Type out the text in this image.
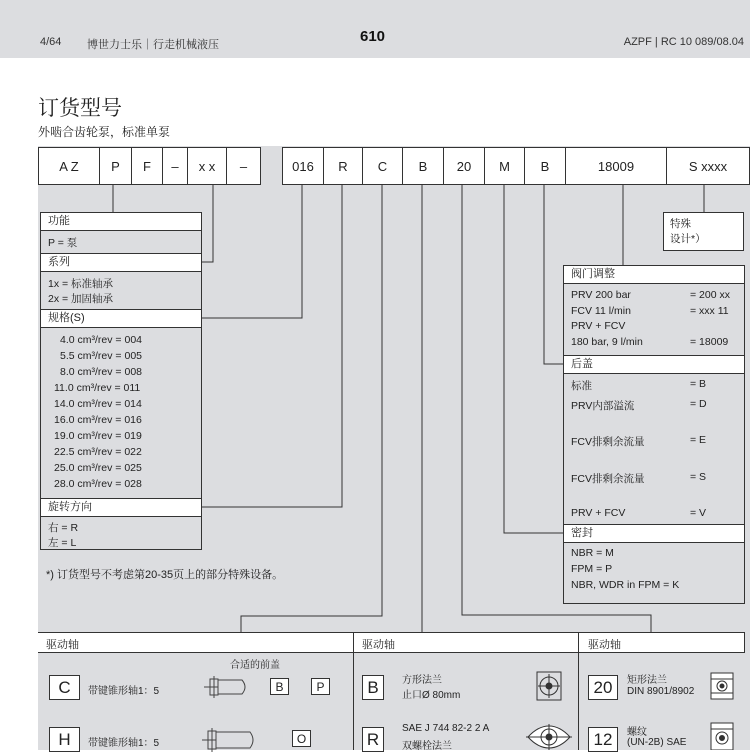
4/64 博世力士乐｜行走机械液压	610	AZPF | RC 10 089/08.04
订货型号
外啮合齿轮泵，标准单泵
A Z	P	F	–	x x	–	016	R	C	B	20	M	B	18009	S xxxx
功能
P = 泵
系列
1x = 标准轴承
2x = 加固轴承
规格(S)
4.0 cm³/rev = 004
5.5 cm³/rev = 005
8.0 cm³/rev = 008
11.0 cm³/rev = 011
14.0 cm³/rev = 014
16.0 cm³/rev = 016
19.0 cm³/rev = 019
22.5 cm³/rev = 022
25.0 cm³/rev = 025
28.0 cm³/rev = 028
旋转方向
右 = R
左 = L
*) 订货型号不考虑第20-35页上的部分特殊设备。
特殊
设计*）
阀门调整
PRV 200 bar	= 200 xx
FCV 11 l/min	= xxx 11
PRV + FCV
180 bar, 9 l/min	= 18009
后盖
标准	= B
PRV内部溢流	= D
FCV排剩余流量	= E
FCV排剩余流量	= S
PRV + FCV	= V
密封
NBR = M
FPM = P
NBR, WDR in FPM = K
驱动轴	驱动轴	驱动轴
合适的前盖
C	带键锥形轴1：5	B	P
H	带键锥形轴1：5	O
B	方形法兰
止口Ø 80mm
R
SAE J 744 82-2 2 A
双螺栓法兰
20	矩形法兰
DIN 8901/8902
12	螺纹
(UN-2B) SAE
